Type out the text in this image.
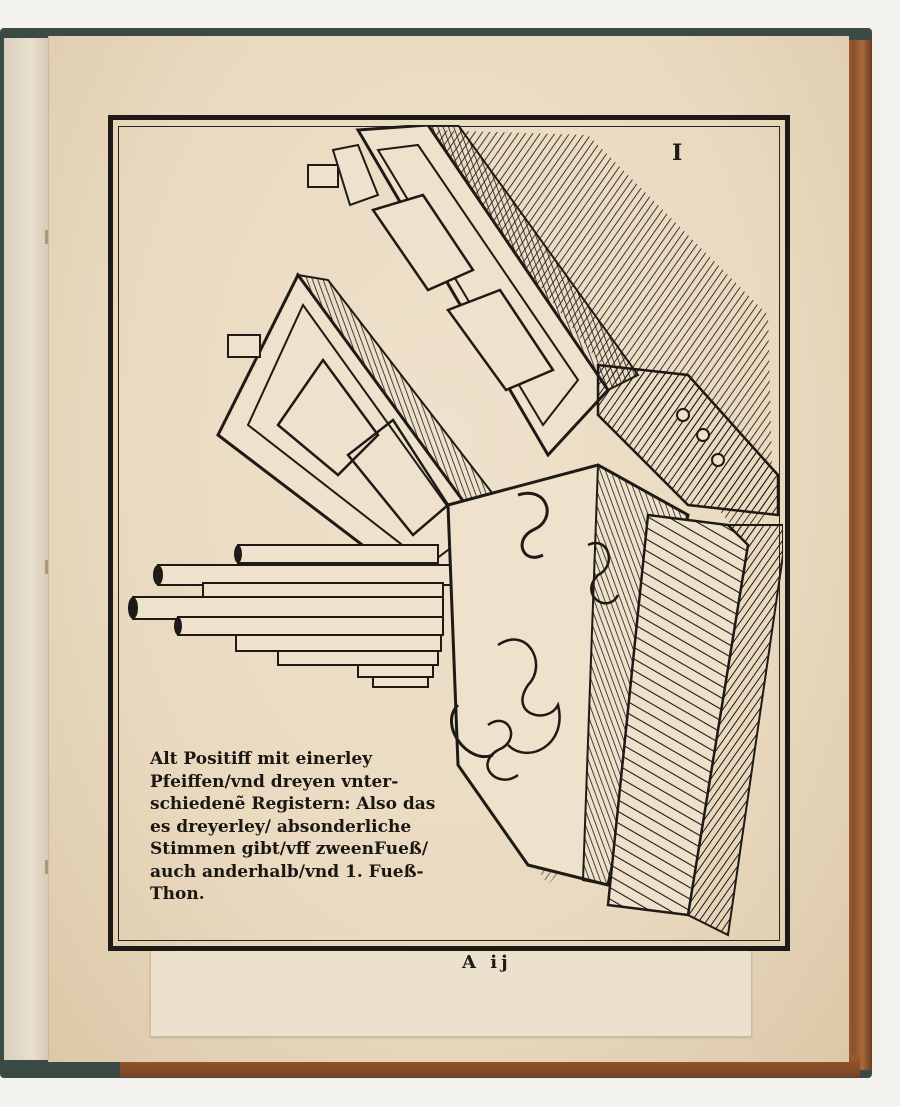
I
Alt Positiff mit einerley
Pfeiffen/vnd dreyen vnter-
schiedenẽ Registern: Also das
es dreyerley/ absonderliche
Stimmen gibt/vff zweenFueß/
auch anderhalb/vnd 1. Fueß-
Thon.
A ij
